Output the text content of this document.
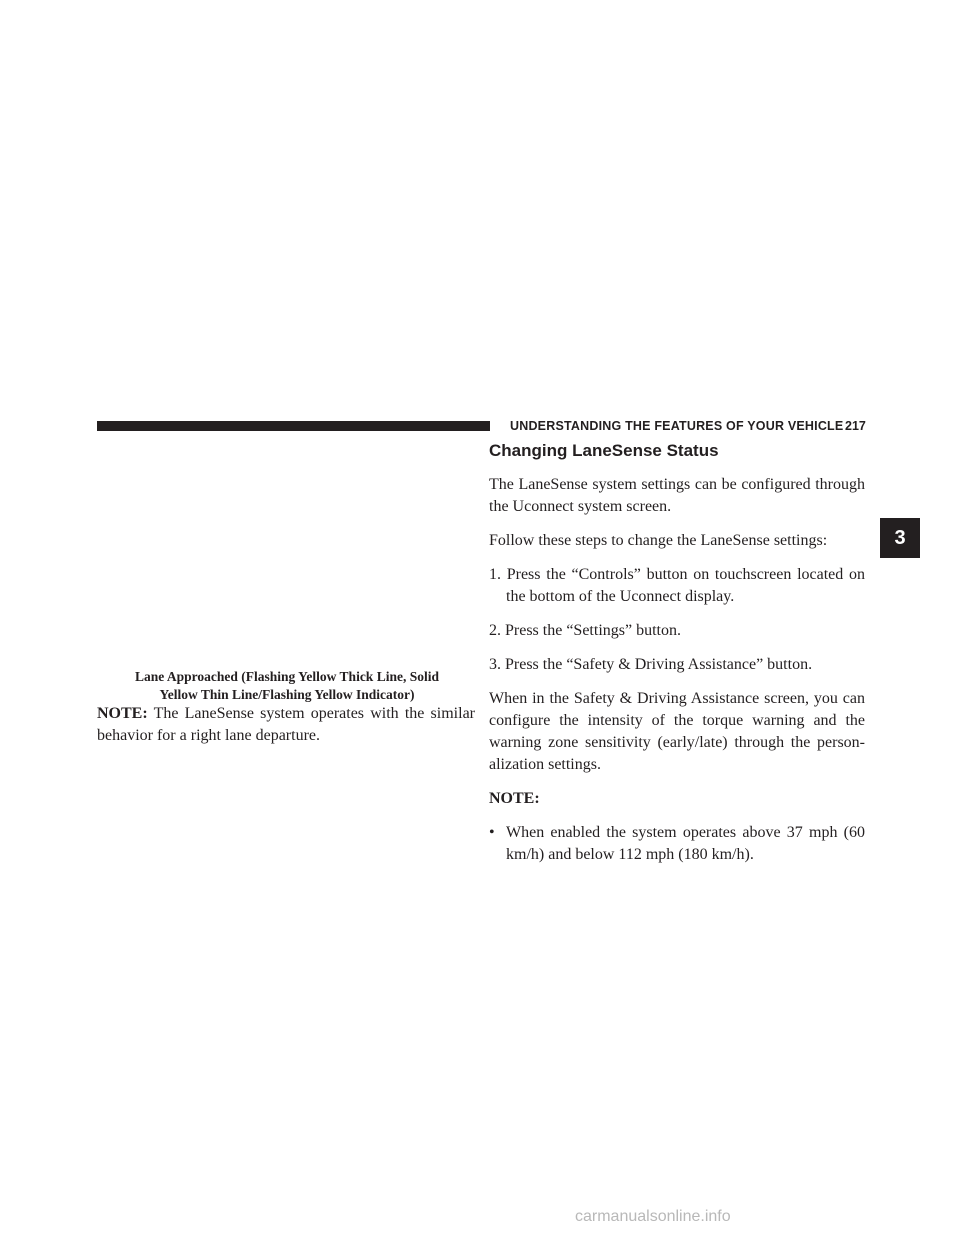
UNDERSTANDING THE FEATURES OF YOUR VEHICLE 217
3
Lane Approached (Flashing Yellow Thick Line, Solid
Yellow Thin Line/Flashing Yellow Indicator)
NOTE: The LaneSense system operates with the similar behavior for a right lane departure.
Changing LaneSense Status

The LaneSense system settings can be configured through the Uconnect system screen.

Follow these steps to change the LaneSense settings:

1. Press the “Controls” button on touchscreen located on the bottom of the Uconnect display.
2. Press the “Settings” button.
3. Press the “Safety & Driving Assistance” button.

When in the Safety & Driving Assistance screen, you can configure the intensity of the torque warning and the warning zone sensitivity (early/late) through the person- alization settings.

NOTE:
• When enabled the system operates above 37 mph (60 km/h) and below 112 mph (180 km/h).
carmanualsonline.info
